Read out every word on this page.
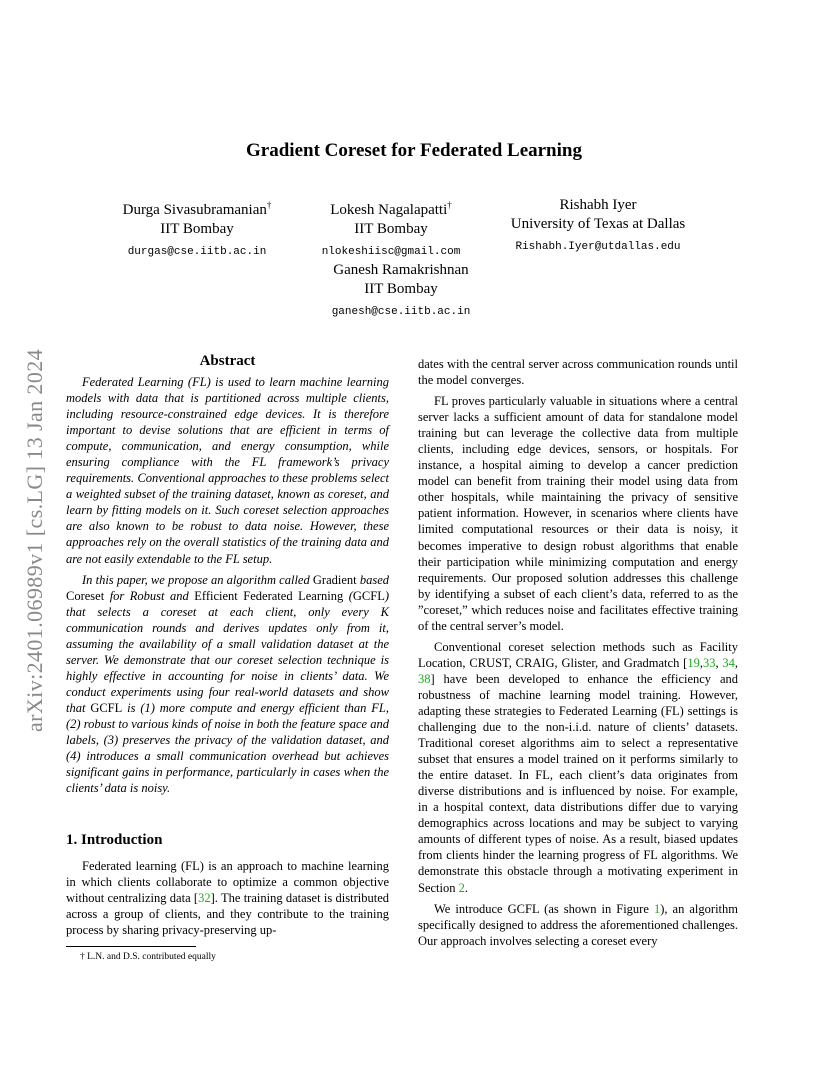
arXiv:2401.06989v1 [cs.LG] 13 Jan 2024
Gradient Coreset for Federated Learning
Durga Sivasubramanian†
IIT Bombay
durgas@cse.iitb.ac.in
Lokesh Nagalapatti†
IIT Bombay
nlokeshiisc@gmail.com
Rishabh Iyer
University of Texas at Dallas
Rishabh.Iyer@utdallas.edu
Ganesh Ramakrishnan
IIT Bombay
ganesh@cse.iitb.ac.in
Abstract

Federated Learning (FL) is used to learn machine learning models with data that is partitioned across multiple clients, including resource-constrained edge devices. It is therefore important to devise solutions that are efficient in terms of compute, communication, and energy consumption, while ensuring compliance with the FL framework’s privacy requirements. Conventional approaches to these problems select a weighted subset of the training dataset, known as coreset, and learn by fitting models on it. Such coreset selection approaches are also known to be robust to data noise. However, these approaches rely on the overall statistics of the training data and are not easily extendable to the FL setup.

In this paper, we propose an algorithm called Gradient based Coreset for Robust and Efficient Federated Learning (GCFL) that selects a coreset at each client, only every K communication rounds and derives updates only from it, assuming the availability of a small validation dataset at the server. We demonstrate that our coreset selection technique is highly effective in accounting for noise in clients’ data. We conduct experiments using four real-world datasets and show that GCFL is (1) more compute and energy efficient than FL, (2) robust to various kinds of noise in both the feature space and labels, (3) preserves the privacy of the validation dataset, and (4) introduces a small communication overhead but achieves significant gains in performance, particularly in cases when the clients’ data is noisy.

1. Introduction

Federated learning (FL) is an approach to machine learning in which clients collaborate to optimize a common objective without centralizing data [32]. The training dataset is distributed across a group of clients, and they contribute to the training process by sharing privacy-preserving up-

dates with the central server across communication rounds until the model converges.

FL proves particularly valuable in situations where a central server lacks a sufficient amount of data for standalone model training but can leverage the collective data from multiple clients, including edge devices, sensors, or hospitals. For instance, a hospital aiming to develop a cancer prediction model can benefit from training their model using data from other hospitals, while maintaining the privacy of sensitive patient information. However, in scenarios where clients have limited computational resources or their data is noisy, it becomes imperative to design robust algorithms that enable their participation while minimizing computation and energy requirements. Our proposed solution addresses this challenge by identifying a subset of each client’s data, referred to as the ”coreset,” which reduces noise and facilitates effective training of the central server’s model.

Conventional coreset selection methods such as Facility Location, CRUST, CRAIG, Glister, and Gradmatch [19,33, 34, 38] have been developed to enhance the efficiency and robustness of machine learning model training. However, adapting these strategies to Federated Learning (FL) settings is challenging due to the non-i.i.d. nature of clients’ datasets. Traditional coreset algorithms aim to select a representative subset that ensures a model trained on it performs similarly to the entire dataset. In FL, each client’s data originates from diverse distributions and is influenced by noise. For example, in a hospital context, data distributions differ due to varying demographics across locations and may be subject to varying amounts of different types of noise. As a result, biased updates from clients hinder the learning progress of FL algorithms. We demonstrate this obstacle through a motivating experiment in Section 2.

We introduce GCFL (as shown in Figure 1), an algorithm specifically designed to address the aforementioned challenges. Our approach involves selecting a coreset every

† L.N. and D.S. contributed equally
